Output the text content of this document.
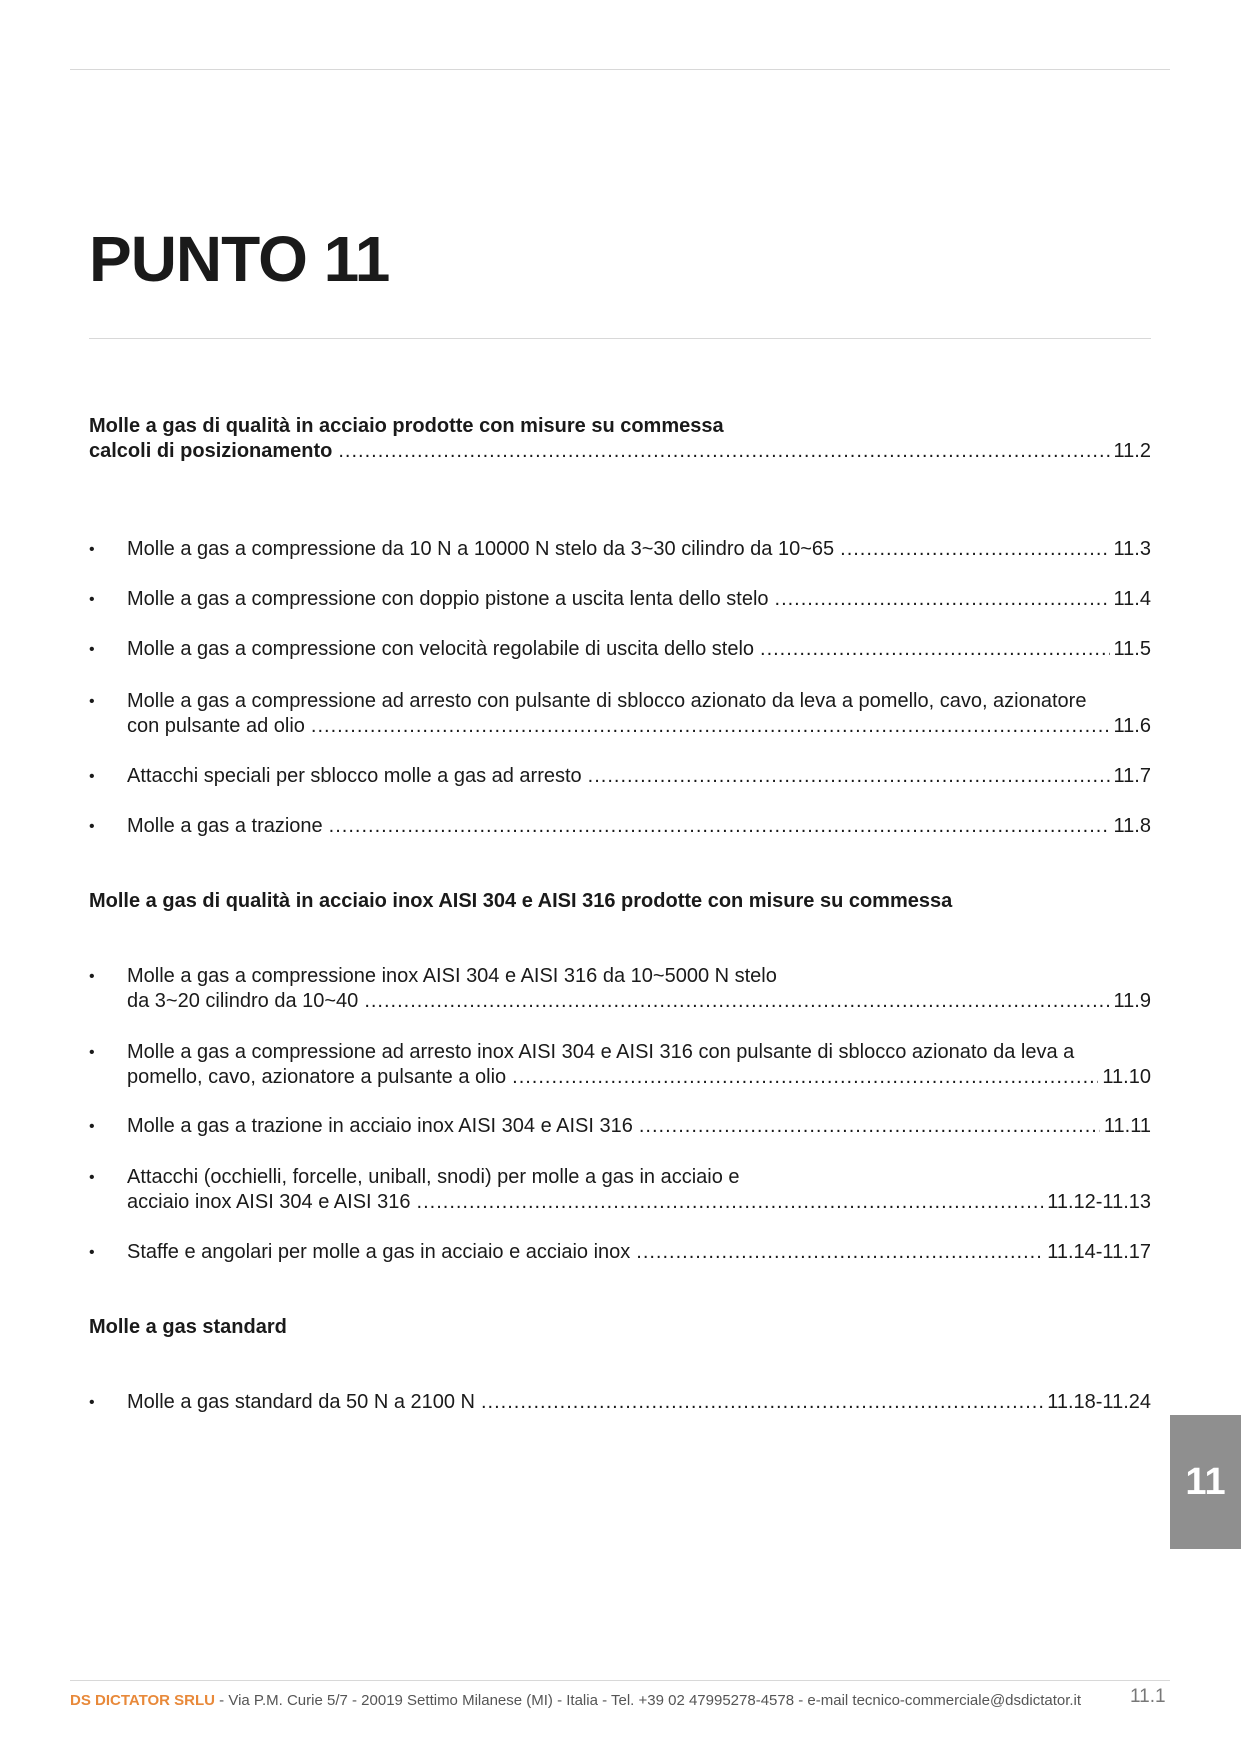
PUNTO 11
Molle a gas di qualità in acciaio prodotte con misure su commessa
calcoli di posizionamento .....	11.2
• Molle a gas a compressione da 10 N a 10000 N stelo da 3~30 cilindro da 10~65 .....	11.3
• Molle a gas a compressione con doppio pistone a uscita lenta dello stelo .....	11.4
• Molle a gas a compressione con velocità regolabile di uscita dello stelo .....	11.5
• Molle a gas a compressione ad arresto con pulsante di sblocco azionato da leva a pomello, cavo, azionatore
con pulsante ad olio .....	11.6
• Attacchi speciali per sblocco molle a gas ad arresto .....	11.7
• Molle a gas a trazione .....	11.8
Molle a gas di qualità in acciaio inox AISI 304 e AISI 316 prodotte con misure su commessa
• Molle a gas a compressione inox AISI 304 e AISI 316 da 10~5000 N stelo
da 3~20 cilindro da 10~40 .....	11.9
• Molle a gas a compressione ad arresto inox AISI 304 e AISI 316 con pulsante di sblocco azionato da leva a
pomello, cavo, azionatore a pulsante a olio .....	11.10
• Molle a gas a trazione in acciaio inox AISI 304 e AISI 316 .....	11.11
• Attacchi (occhielli, forcelle, uniball, snodi) per molle a gas in acciaio e
acciaio inox AISI 304 e AISI 316 .....	11.12-11.13
• Staffe e angolari per molle a gas in acciaio e acciaio inox .....	11.14-11.17
Molle a gas standard
• Molle a gas standard da 50 N a 2100 N .....	11.18-11.24
11
DS DICTATOR SRLU - Via P.M. Curie 5/7 - 20019 Settimo Milanese (MI) - Italia - Tel. +39 02 47995278-4578 - e-mail tecnico-commerciale@dsdictator.it	11.1
